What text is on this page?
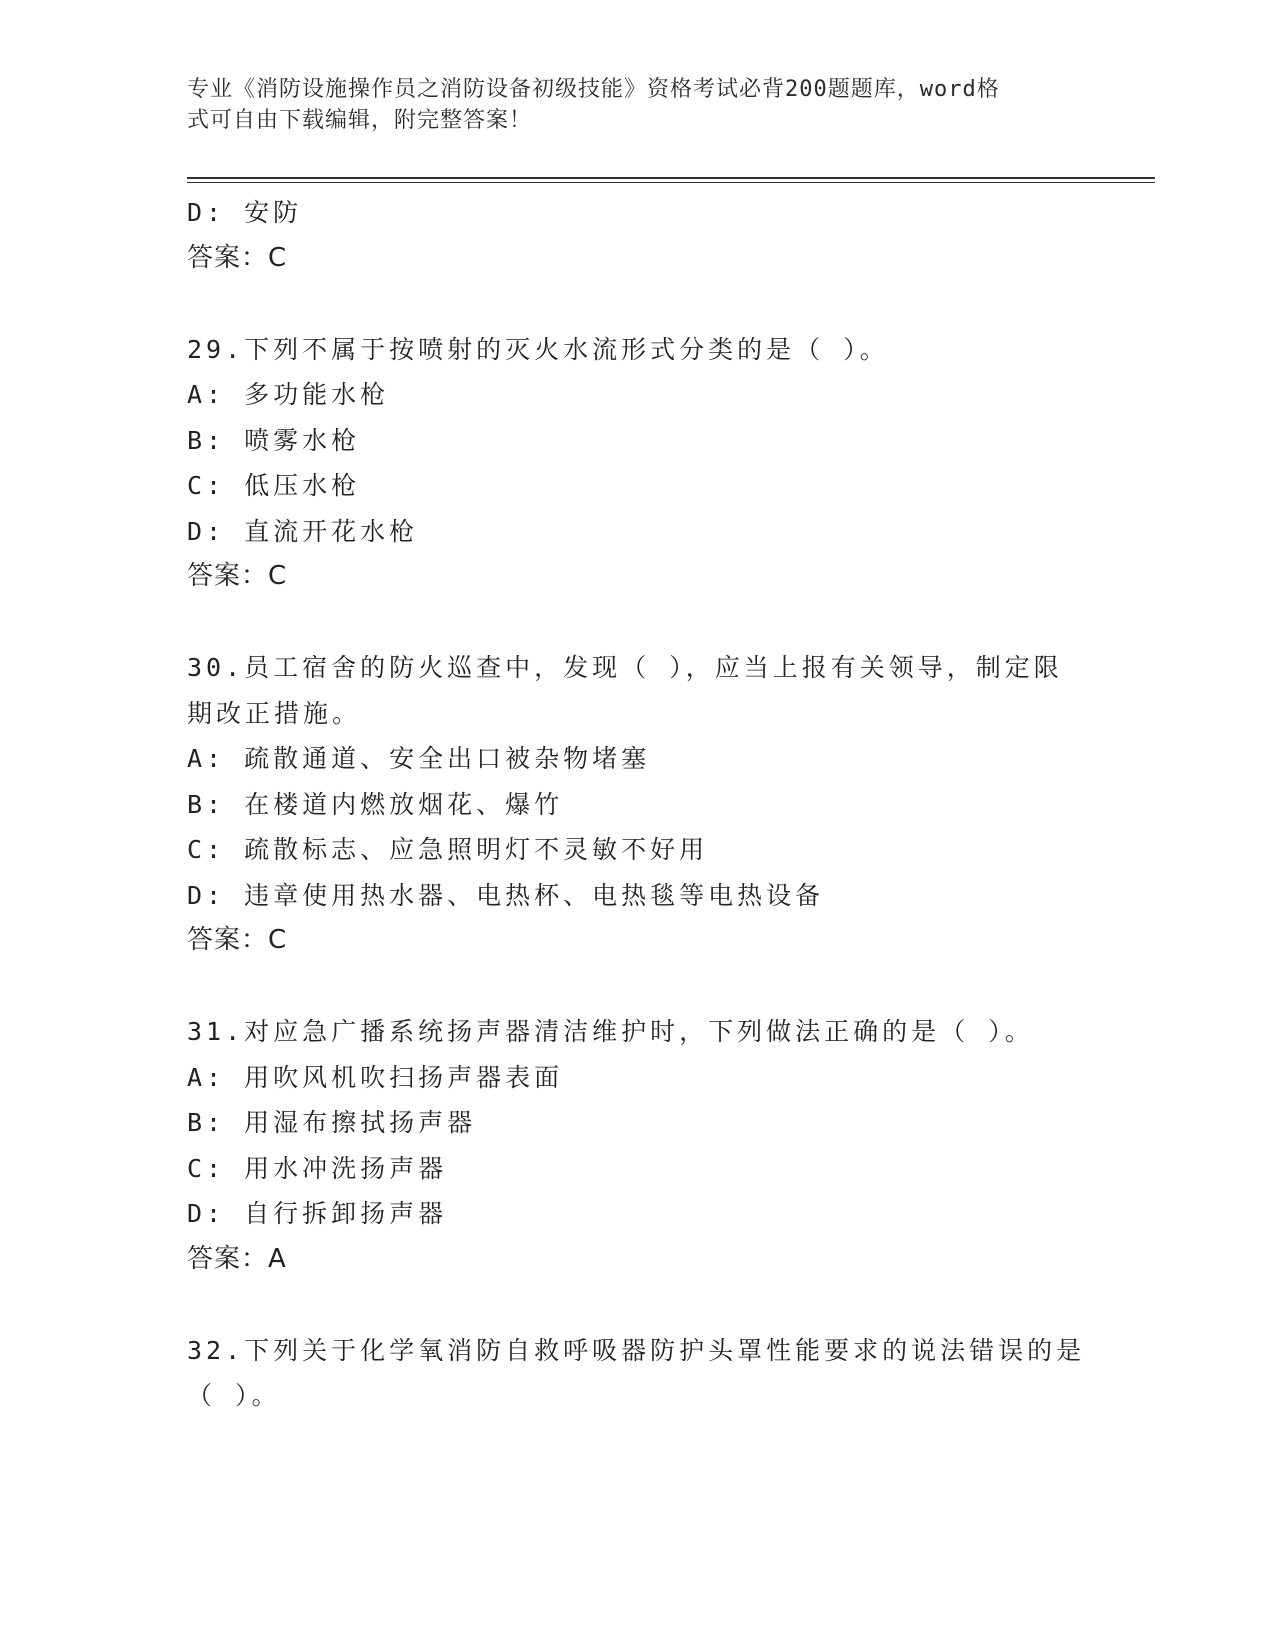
专业《消防设施操作员之消防设备初级技能》资格考试必背200题题库，word格
式可自由下载编辑，附完整答案！

D: 安防

答案：C

29.下列不属于按喷射的灭火水流形式分类的是（ ）。

A: 多功能水枪

B: 喷雾水枪

C: 低压水枪

D: 直流开花水枪

答案：C

30.员工宿舍的防火巡查中，发现（ ），应当上报有关领导，制定限

期改正措施。

A: 疏散通道、安全出口被杂物堵塞

B: 在楼道内燃放烟花、爆竹

C: 疏散标志、应急照明灯不灵敏不好用

D: 违章使用热水器、电热杯、电热毯等电热设备

答案：C

31.对应急广播系统扬声器清洁维护时，下列做法正确的是（ ）。

A: 用吹风机吹扫扬声器表面

B: 用湿布擦拭扬声器

C: 用水冲洗扬声器

D: 自行拆卸扬声器

答案：A

32.下列关于化学氧消防自救呼吸器防护头罩性能要求的说法错误的是

（ ）。
